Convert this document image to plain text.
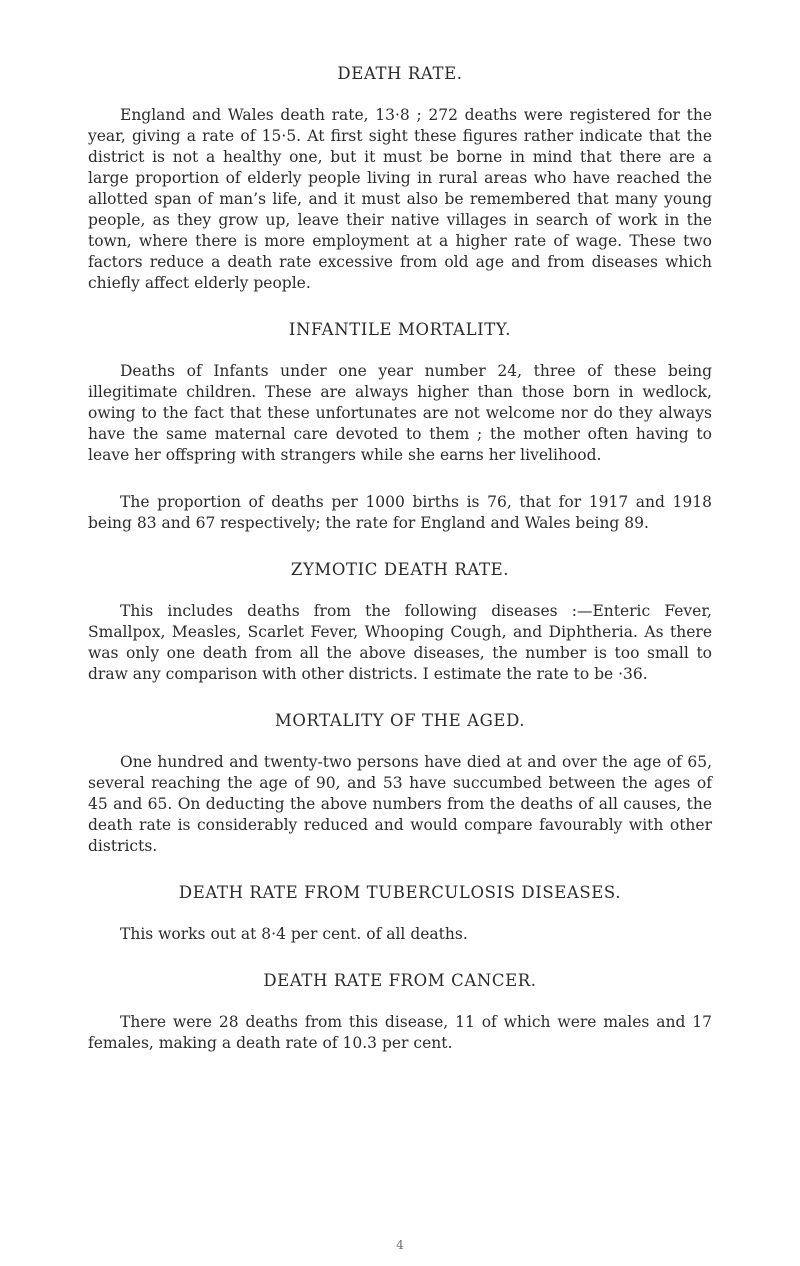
DEATH RATE.

England and Wales death rate, 13·8 ; 272 deaths were registered for the year, giving a rate of 15·5. At first sight these figures rather indicate that the district is not a healthy one, but it must be borne in mind that there are a large proportion of elderly people living in rural areas who have reached the allotted span of man’s life, and it must also be remembered that many young people, as they grow up, leave their native villages in search of work in the town, where there is more employment at a higher rate of wage. These two factors reduce a death rate excessive from old age and from diseases which chiefly affect elderly people.

INFANTILE MORTALITY.

Deaths of Infants under one year number 24, three of these being illegitimate children. These are always higher than those born in wedlock, owing to the fact that these unfortunates are not welcome nor do they always have the same maternal care devoted to them ; the mother often having to leave her offspring with strangers while she earns her livelihood.

The proportion of deaths per 1000 births is 76, that for 1917 and 1918 being 83 and 67 respectively; the rate for England and Wales being 89.

ZYMOTIC DEATH RATE.

This includes deaths from the following diseases :—Enteric Fever, Smallpox, Measles, Scarlet Fever, Whooping Cough, and Diphtheria. As there was only one death from all the above diseases, the number is too small to draw any comparison with other districts. I estimate the rate to be ·36.

MORTALITY OF THE AGED.

One hundred and twenty-two persons have died at and over the age of 65, several reaching the age of 90, and 53 have succumbed between the ages of 45 and 65. On deducting the above numbers from the deaths of all causes, the death rate is considerably reduced and would compare favourably with other districts.

DEATH RATE FROM TUBERCULOSIS DISEASES.

This works out at 8·4 per cent. of all deaths.

DEATH RATE FROM CANCER.

There were 28 deaths from this disease, 11 of which were males and 17 females, making a death rate of 10.3 per cent.

4
